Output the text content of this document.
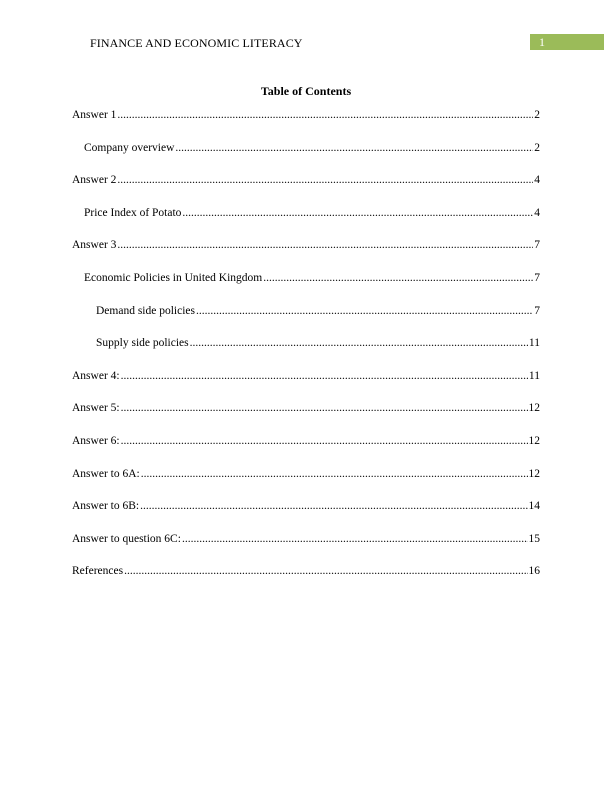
FINANCE AND ECONOMIC LITERACY	1
Table of Contents
Answer 1 .....	2
Company overview .....	2
Answer 2 .....	4
Price Index of Potato .....	4
Answer 3 .....	7
Economic Policies in United Kingdom .....	7
Demand side policies .....	7
Supply side policies .....	11
Answer 4: .....	11
Answer 5: .....	12
Answer 6: .....	12
Answer to 6A: .....	12
Answer to 6B: .....	14
Answer to question 6C: .....	15
References .....	16
